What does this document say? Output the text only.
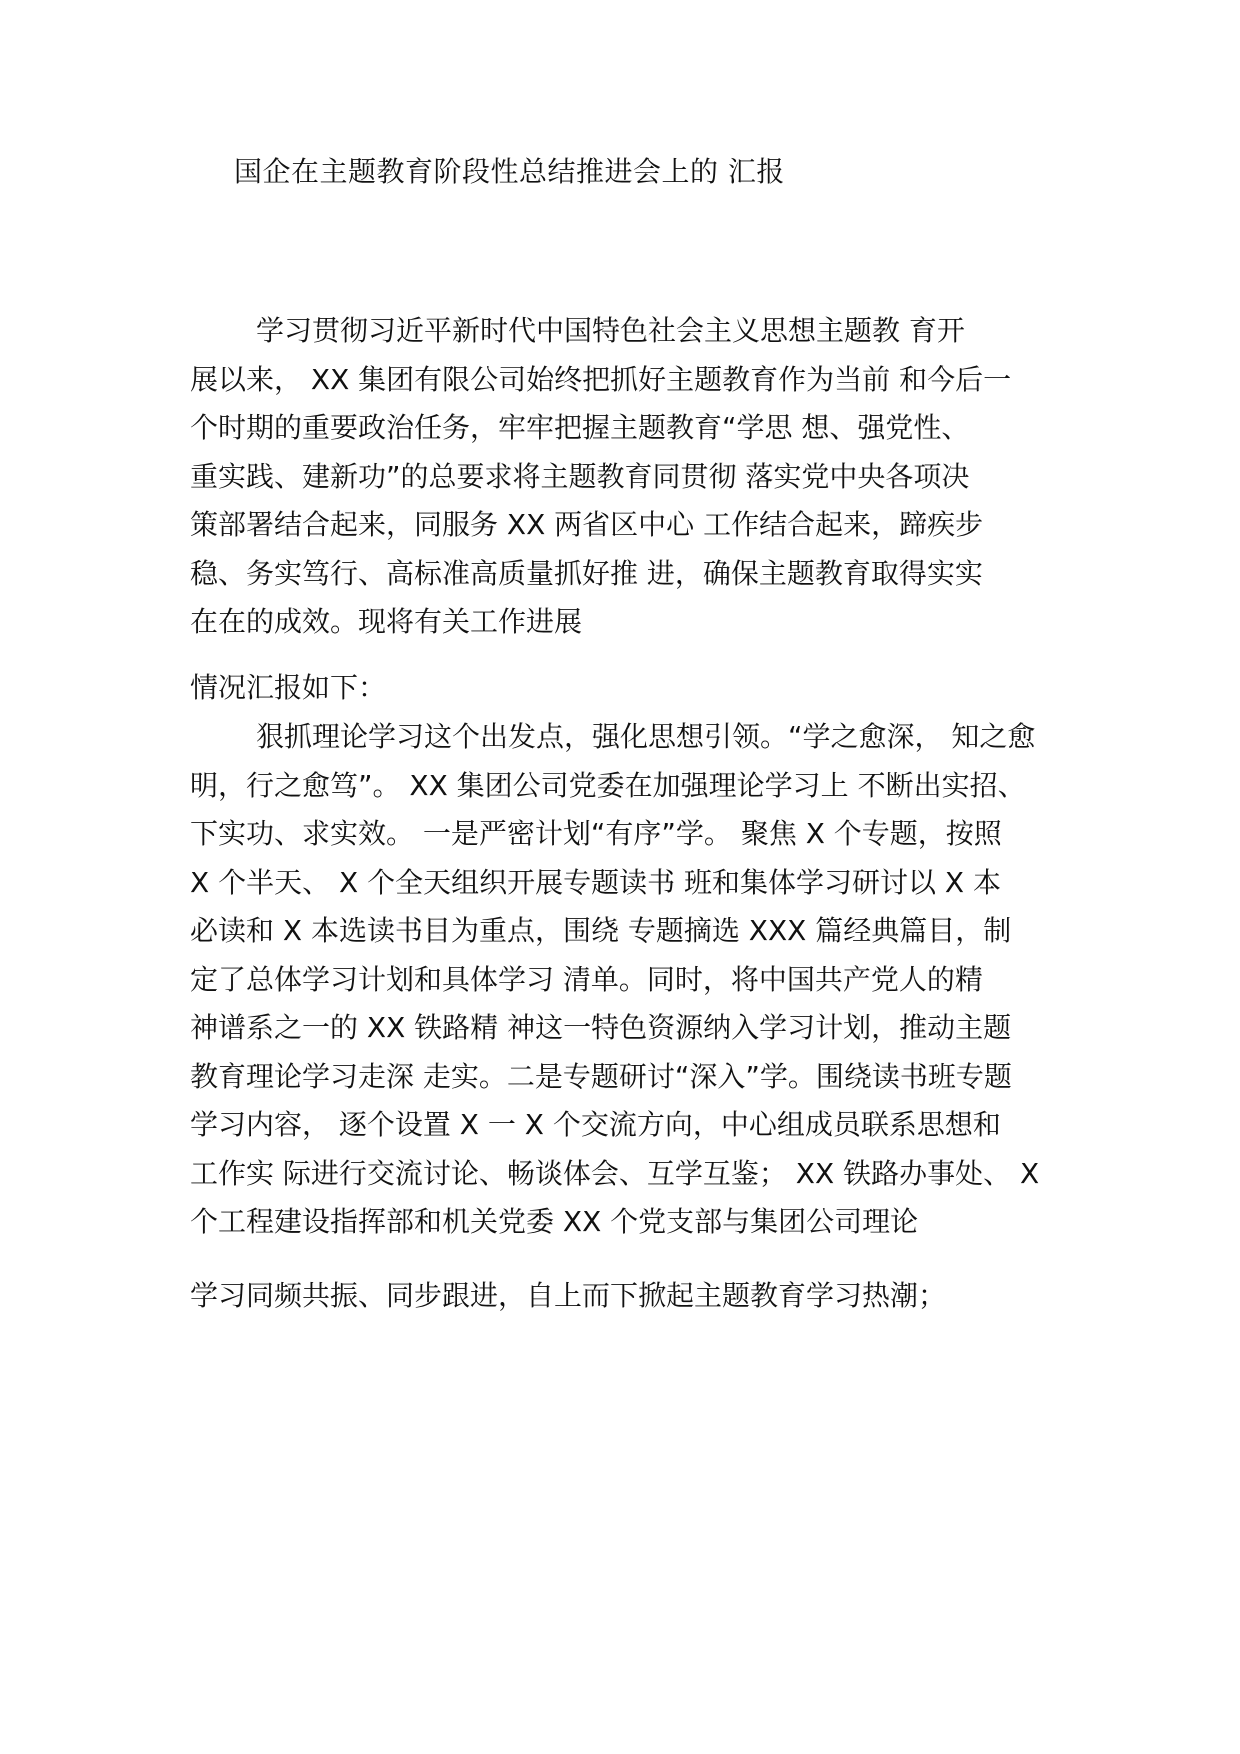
国企在主题教育阶段性总结推进会上的 汇报
学习贯彻习近平新时代中国特色社会主义思想主题教 育开
展以来， XX 集团有限公司始终把抓好主题教育作为当前 和今后一
个时期的重要政治任务，牢牢把握主题教育“学思 想、强党性、
重实践、建新功”的总要求将主题教育同贯彻 落实党中央各项决
策部署结合起来，同服务 XX 两省区中心 工作结合起来，蹄疾步
稳、务实笃行、高标准高质量抓好推 进，确保主题教育取得实实
在在的成效。现将有关工作进展
情况汇报如下：
狠抓理论学习这个出发点，强化思想引领。“学之愈深， 知之愈
明，行之愈笃”。 XX 集团公司党委在加强理论学习上 不断出实招、
下实功、求实效。 一是严密计划“有序”学。 聚焦 X 个专题，按照
X 个半天、 X 个全天组织开展专题读书 班和集体学习研讨以 X 本
必读和 X 本选读书目为重点，围绕 专题摘选 XXX 篇经典篇目，制
定了总体学习计划和具体学习 清单。同时，将中国共产党人的精
神谱系之一的 XX 铁路精 神这一特色资源纳入学习计划，推动主题
教育理论学习走深 走实。二是专题研讨“深入”学。围绕读书班专题
学习内容， 逐个设置 X 一 X 个交流方向，中心组成员联系思想和
工作实 际进行交流讨论、畅谈体会、互学互鉴； XX 铁路办事处、 X
个工程建设指挥部和机关党委 XX 个党支部与集团公司理论
学习同频共振、同步跟进，自上而下掀起主题教育学习热潮；
